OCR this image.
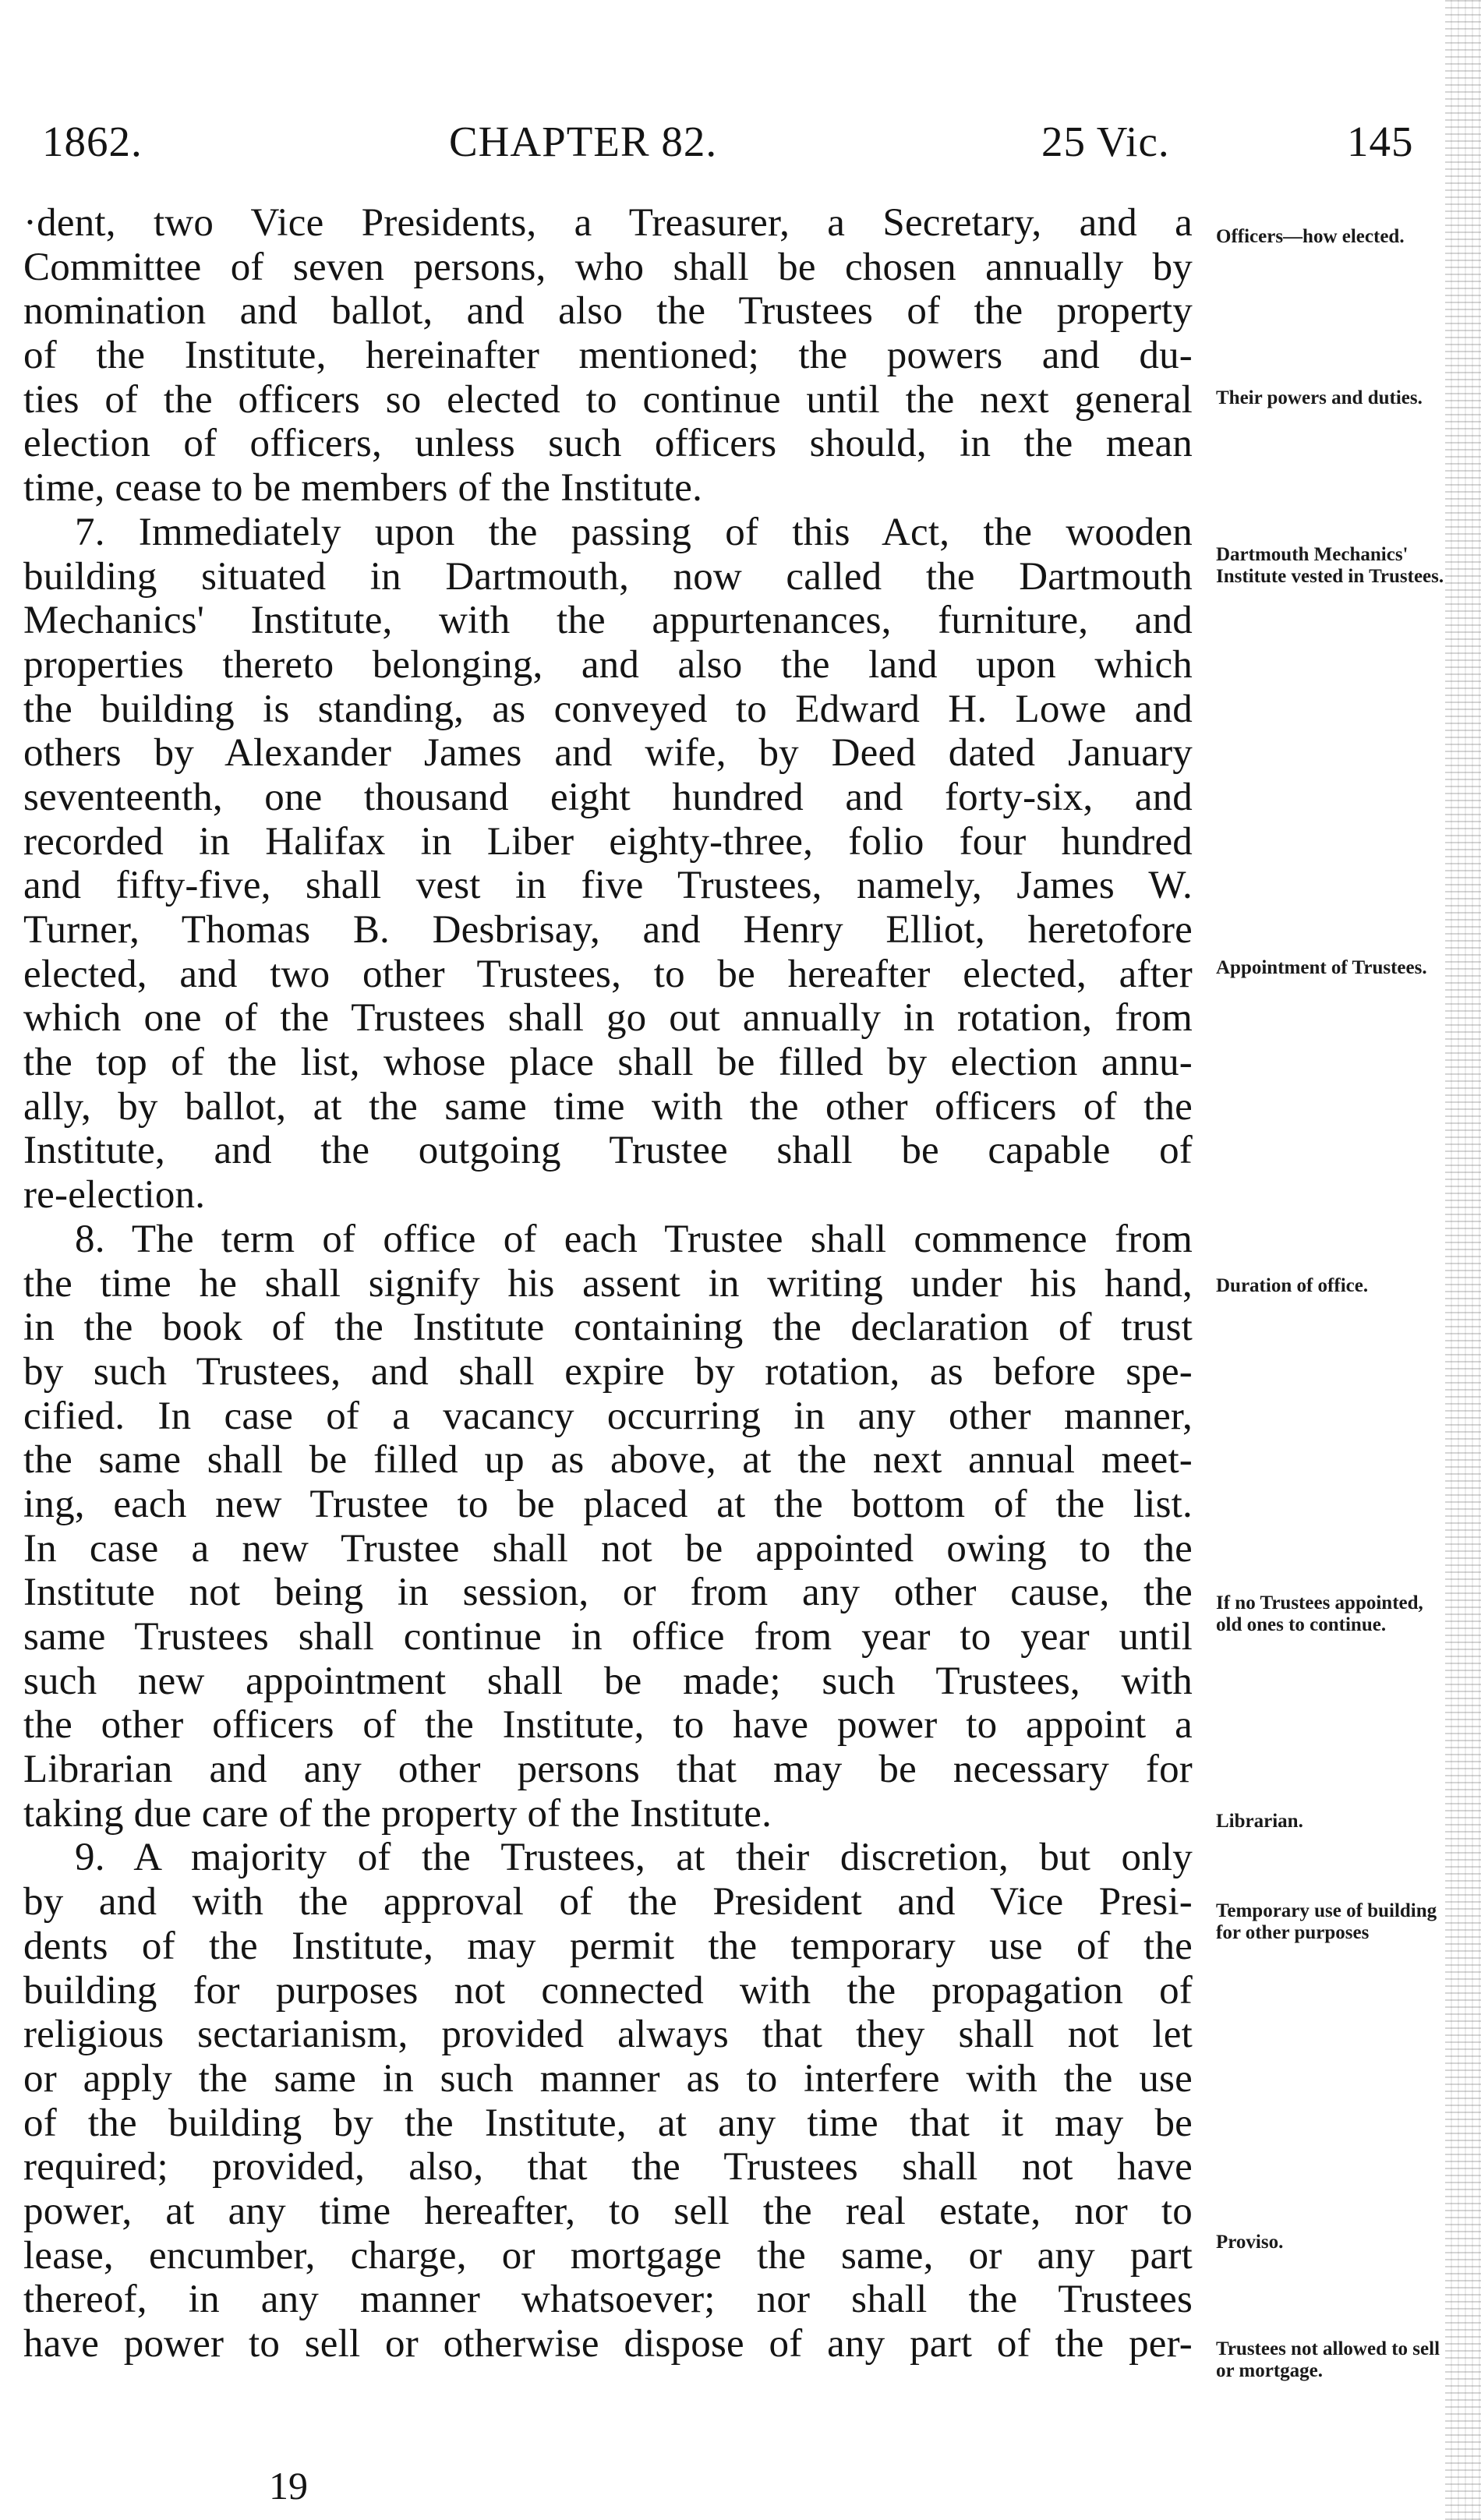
1862.	CHAPTER 82.	25 Vic.	145
·dent, two Vice Presidents, a Treasurer, a Secretary, and a
Committee of seven persons, who shall be chosen annually by
nomination and ballot, and also the Trustees of the property
of the Institute, hereinafter mentioned; the powers and du-
ties of the officers so elected to continue until the next general
election of officers, unless such officers should, in the mean
time, cease to be members of the Institute.
7. Immediately upon the passing of this Act, the wooden
building situated in Dartmouth, now called the Dartmouth
Mechanics' Institute, with the appurtenances, furniture, and
properties thereto belonging, and also the land upon which
the building is standing, as conveyed to Edward H. Lowe and
others by Alexander James and wife, by Deed dated January
seventeenth, one thousand eight hundred and forty-six, and
recorded in Halifax in Liber eighty-three, folio four hundred
and fifty-five, shall vest in five Trustees, namely, James W.
Turner, Thomas B. Desbrisay, and Henry Elliot, heretofore
elected, and two other Trustees, to be hereafter elected, after
which one of the Trustees shall go out annually in rotation, from
the top of the list, whose place shall be filled by election annu-
ally, by ballot, at the same time with the other officers of the
Institute, and the outgoing Trustee shall be capable of
re-election.
8. The term of office of each Trustee shall commence from
the time he shall signify his assent in writing under his hand,
in the book of the Institute containing the declaration of trust
by such Trustees, and shall expire by rotation, as before spe-
cified. In case of a vacancy occurring in any other manner,
the same shall be filled up as above, at the next annual meet-
ing, each new Trustee to be placed at the bottom of the list.
In case a new Trustee shall not be appointed owing to the
Institute not being in session, or from any other cause, the
same Trustees shall continue in office from year to year until
such new appointment shall be made; such Trustees, with
the other officers of the Institute, to have power to appoint a
Librarian and any other persons that may be necessary for
taking due care of the property of the Institute.
9. A majority of the Trustees, at their discretion, but only
by and with the approval of the President and Vice Presi-
dents of the Institute, may permit the temporary use of the
building for purposes not connected with the propagation of
religious sectarianism, provided always that they shall not let
or apply the same in such manner as to interfere with the use
of the building by the Institute, at any time that it may be
required; provided, also, that the Trustees shall not have
power, at any time hereafter, to sell the real estate, nor to
lease, encumber, charge, or mortgage the same, or any part
thereof, in any manner whatsoever; nor shall the Trustees
have power to sell or otherwise dispose of any part of the per-
Officers—how elected.
Their powers and duties.
Dartmouth Mechanics' Institute vested in Trustees.
Appointment of Trustees.
Duration of office.
If no Trustees appointed, old ones to continue.
Librarian.
Temporary use of building for other purposes
Proviso.
Trustees not allowed to sell or mortgage.
19
